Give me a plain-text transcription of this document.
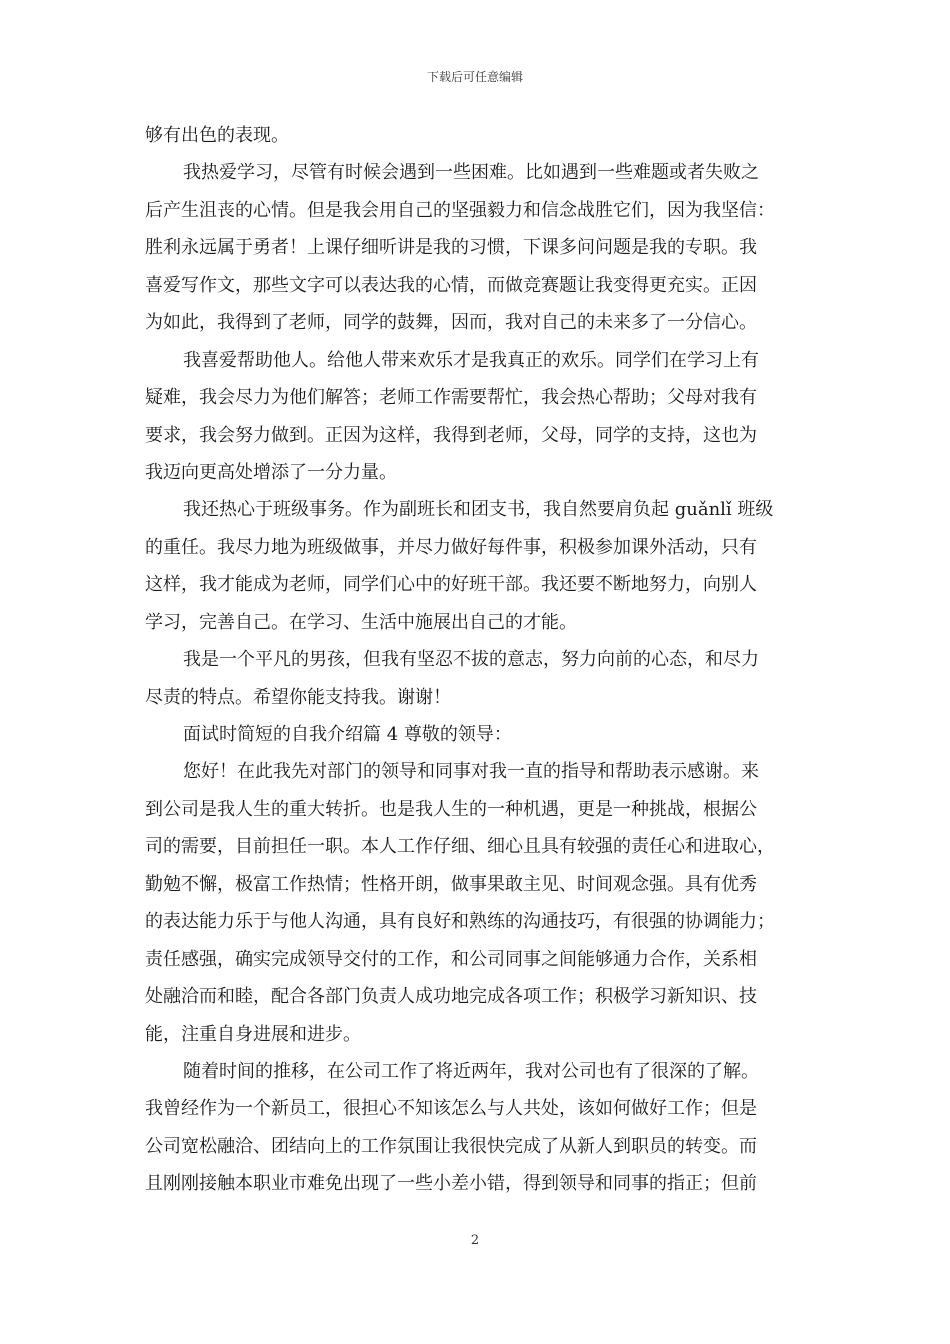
下载后可任意编辑
够有出色的表现。
我热爱学习，尽管有时候会遇到一些困难。比如遇到一些难题或者失败之
后产生沮丧的心情。但是我会用自己的坚强毅力和信念战胜它们，因为我坚信：
胜利永远属于勇者！上课仔细听讲是我的习惯，下课多问问题是我的专职。我
喜爱写作文，那些文字可以表达我的心情，而做竞赛题让我变得更充实。正因
为如此，我得到了老师，同学的鼓舞，因而，我对自己的未来多了一分信心。
我喜爱帮助他人。给他人带来欢乐才是我真正的欢乐。同学们在学习上有
疑难，我会尽力为他们解答；老师工作需要帮忙，我会热心帮助；父母对我有
要求，我会努力做到。正因为这样，我得到老师，父母，同学的支持，这也为
我迈向更高处增添了一分力量。
我还热心于班级事务。作为副班长和团支书，我自然要肩负起 guǎnlǐ 班级
的重任。我尽力地为班级做事，并尽力做好每件事，积极参加课外活动，只有
这样，我才能成为老师，同学们心中的好班干部。我还要不断地努力，向别人
学习，完善自己。在学习、生活中施展出自己的才能。
我是一个平凡的男孩，但我有坚忍不拔的意志，努力向前的心态，和尽力
尽责的特点。希望你能支持我。谢谢！
面试时简短的自我介绍篇 4 尊敬的领导：
您好！在此我先对部门的领导和同事对我一直的指导和帮助表示感谢。来
到公司是我人生的重大转折。也是我人生的一种机遇，更是一种挑战，根据公
司的需要，目前担任一职。本人工作仔细、细心且具有较强的责任心和进取心，
勤勉不懈，极富工作热情；性格开朗，做事果敢主见、时间观念强。具有优秀
的表达能力乐于与他人沟通，具有良好和熟练的沟通技巧，有很强的协调能力；
责任感强，确实完成领导交付的工作，和公司同事之间能够通力合作，关系相
处融洽而和睦，配合各部门负责人成功地完成各项工作；积极学习新知识、技
能，注重自身进展和进步。
随着时间的推移，在公司工作了将近两年，我对公司也有了很深的了解。
我曾经作为一个新员工，很担心不知该怎么与人共处，该如何做好工作；但是
公司宽松融洽、团结向上的工作氛围让我很快完成了从新人到职员的转变。而
且刚刚接触本职业市难免出现了一些小差小错，得到领导和同事的指正；但前
2
